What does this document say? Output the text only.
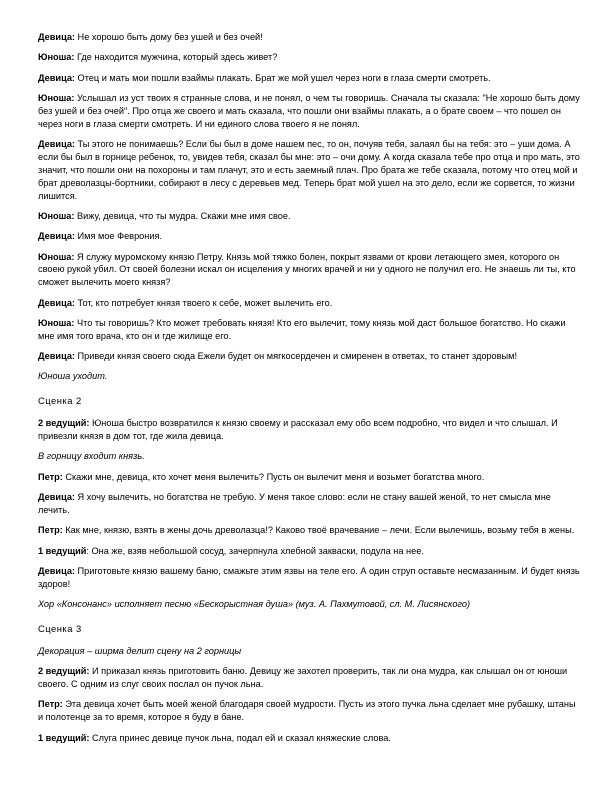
Девица: Не хорошо быть дому без ушей и без очей!

Юноша: Где находится мужчина, который здесь живет?

Девица: Отец и мать мои пошли взаймы плакать. Брат же мой ушел через ноги в глаза смерти смотреть.

Юноша: Услышал из уст твоих я странные слова, и не понял, о чем ты говоришь. Сначала ты сказала: "Не хорошо быть дому без ушей и без очей". Про отца же своего и мать сказала, что пошли они взаймы плакать, а о брате своем – что пошел он через ноги в глаза смерти смотреть. И ни единого слова твоего я не понял.

Девица: Ты этого не понимаешь? Если бы был в доме нашем пес, то он, почуяв тебя, залаял бы на тебя: это – уши дома. А если бы был в горнице ребенок, то, увидев тебя, сказал бы мне: это – очи дому. А когда сказала тебе про отца и про мать, это значит, что пошли они на похороны и там плачут, это и есть заемный плач. Про брата же тебе сказала, потому что отец мой и брат древолазцы-бортники, собирают в лесу с деревьев мед. Теперь брат мой ушел на это дело, если же сорвется, то жизни лишится.

Юноша: Вижу, девица, что ты мудра. Скажи мне имя свое.

Девица: Имя мое Феврония.

Юноша: Я служу муромскому князю Петру. Князь мой тяжко болен, покрыт язвами от крови летающего змея, которого он своею рукой убил. От своей болезни искал он исцеления у многих врачей и ни у одного не получил его. Не знаешь ли ты, кто сможет вылечить моего князя?

Девица: Тот, кто потребует князя твоего к себе, может вылечить его.

Юноша: Что ты говоришь? Кто может требовать князя! Кто его вылечит, тому князь мой даст большое богатство. Но скажи мне имя того врача, кто он и где жилище его.

Девица: Приведи князя своего сюда Ежели будет он мягкосердечен и смиренен в ответах, то станет здоровым!

Юноша уходит.

Сценка 2

2 ведущий: Юноша быстро возвратился к князю своему и рассказал ему обо всем подробно, что видел и что слышал. И привезли князя в дом тот, где жила девица.

В горницу входит князь.

Петр: Скажи мне, девица, кто хочет меня вылечить? Пусть он вылечит меня и возьмет богатства много.

Девица: Я хочу вылечить, но богатства не требую. У меня такое слово: если не стану вашей женой, то нет смысла мне лечить.

Петр: Как мне, князю, взять в жены дочь древолазца!? Каково твоё врачевание – лечи. Если вылечишь, возьму тебя в жены.

1 ведущий: Она же, взяв небольшой сосуд, зачерпнула хлебной закваски, подула на нее.

Девица: Приготовьте князю вашему баню, смажьте этим язвы на теле его. А один струп оставьте несмазанным. И будет князь здоров!

Хор «Консонанс» исполняет песню «Бескорыстная душа» (муз. А. Пахмутовой, сл. М. Лисянского)

Сценка 3

Декорация – ширма делит сцену на 2 горницы

2 ведущий: И приказал князь приготовить баню. Девицу же захотел проверить, так ли она мудра, как слышал он от юноши своего. С одним из слуг своих послал он пучок льна.

Петр: Эта девица хочет быть моей женой благодаря своей мудрости. Пусть из этого пучка льна сделает мне рубашку, штаны и полотенце за то время, которое я буду в бане.

1 ведущий: Слуга принес девице пучок льна, подал ей и сказал княжеские слова.
